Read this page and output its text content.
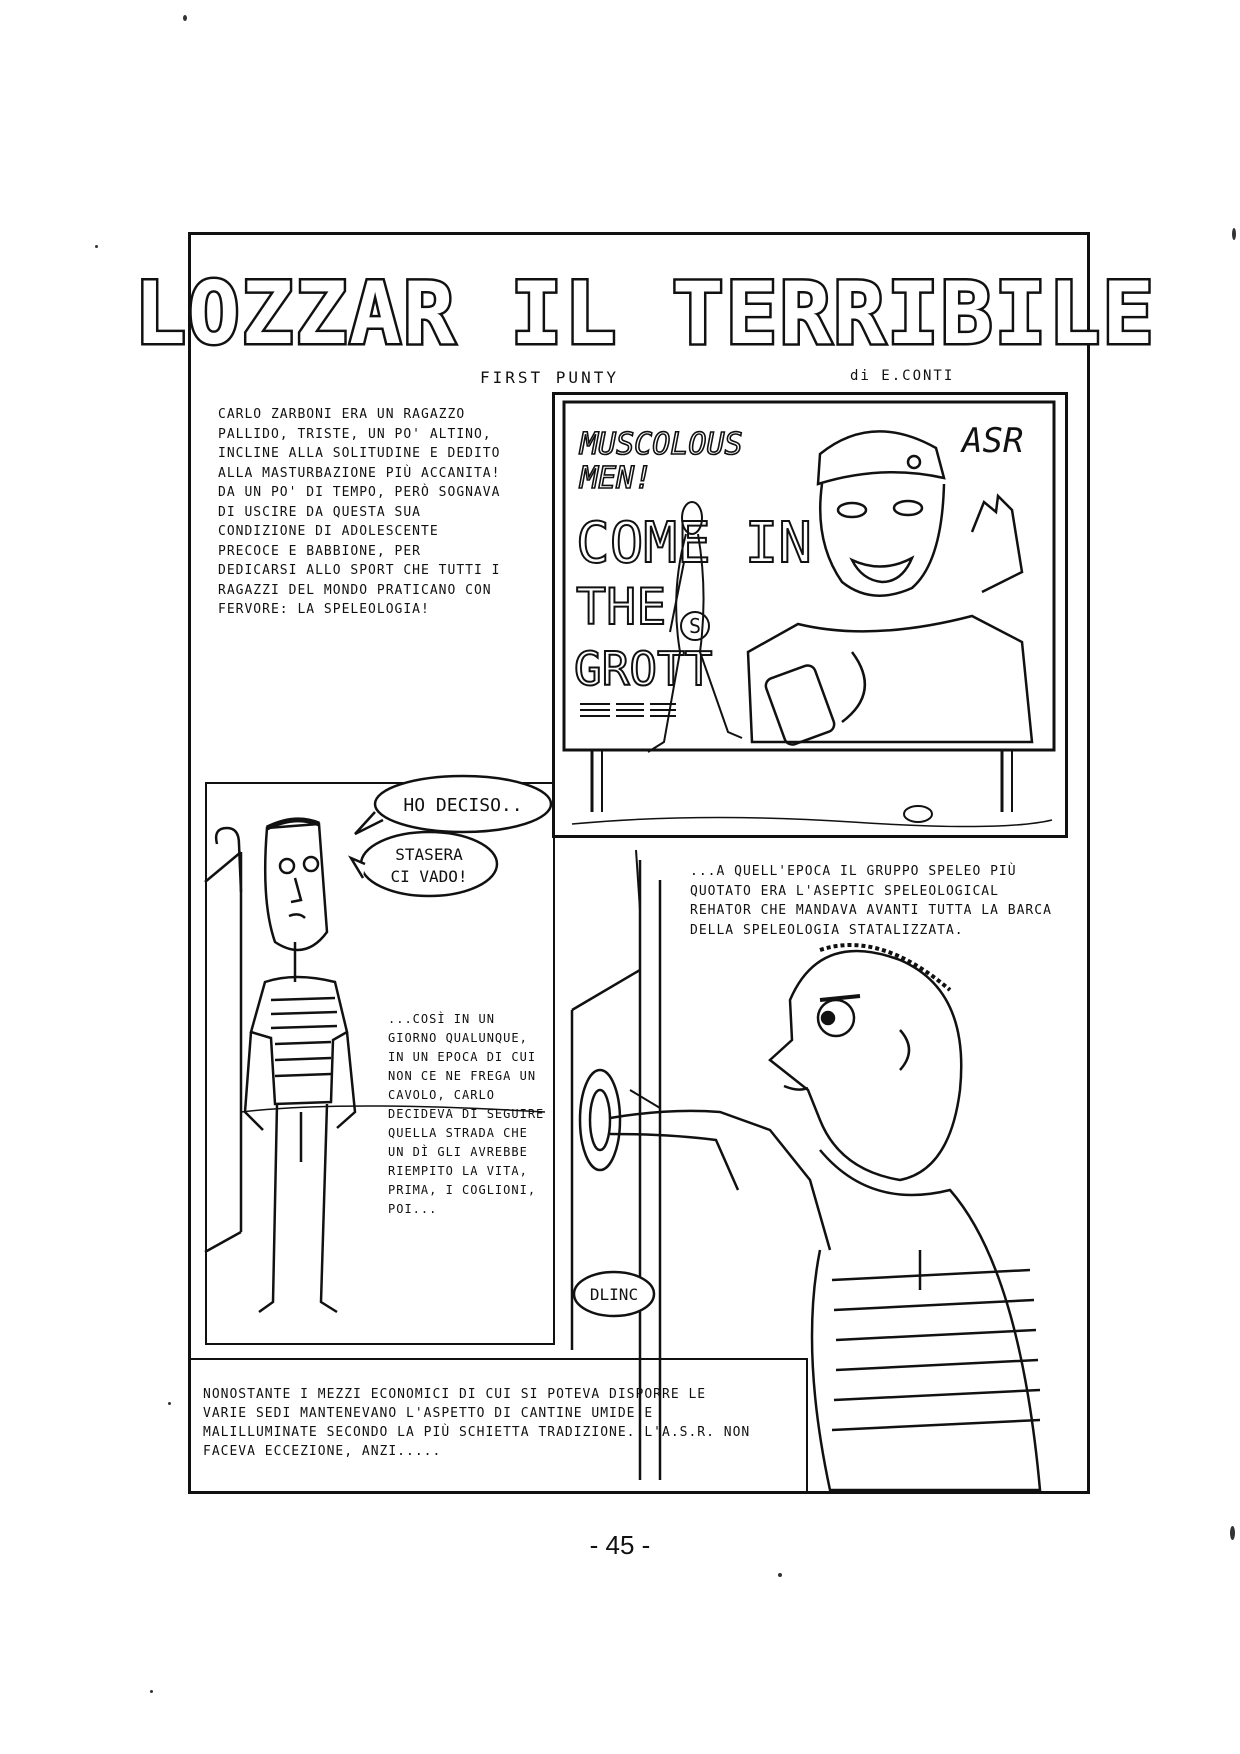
LOZZAR IL TERRIBILE
FIRST PUNTY	di E.CONTI
CARLO ZARBONI ERA UN RAGAZZO PALLIDO, TRISTE, UN PO' ALTINO, INCLINE ALLA SOLITUDINE E DEDITO ALLA MASTURBAZIONE PIÙ ACCANITA! DA UN PO' DI TEMPO, PERÒ SOGNAVA DI USCIRE DA QUESTA SUA CONDIZIONE DI ADOLESCENTE PRECOCE E BABBIONE, PER DEDICARSI ALLO SPORT CHE TUTTI I RAGAZZI DEL MONDO PRATICANO CON FERVORE: LA SPELEOLOGIA!
MUSCOLOUS
MEN!
COME IN
THE S
GROTT
ASR
HO DECISO..
STASERA
CI VADO!
...COSÌ IN UN GIORNO QUALUNQUE, IN UN EPOCA DI CUI NON CE NE FREGA UN CAVOLO, CARLO DECIDEVA DI SEGUIRE QUELLA STRADA CHE UN DÌ GLI AVREBBE RIEMPITO LA VITA, PRIMA, I COGLIONI, POI...
...A QUELL'EPOCA IL GRUPPO SPELEO PIÙ QUOTATO ERA L'ASEPTIC SPELEOLOGICAL REHATOR CHE MANDAVA AVANTI TUTTA LA BARCA DELLA SPELEOLOGIA STATALIZZATA.
DLINC
NONOSTANTE I MEZZI ECONOMICI DI CUI SI POTEVA DISPORRE LE VARIE SEDI MANTENEVANO L'ASPETTO DI CANTINE UMIDE E MALILLUMINATE SECONDO LA PIÙ SCHIETTA TRADIZIONE. L'A.S.R. NON FACEVA ECCEZIONE, ANZI.....
- 45 -
